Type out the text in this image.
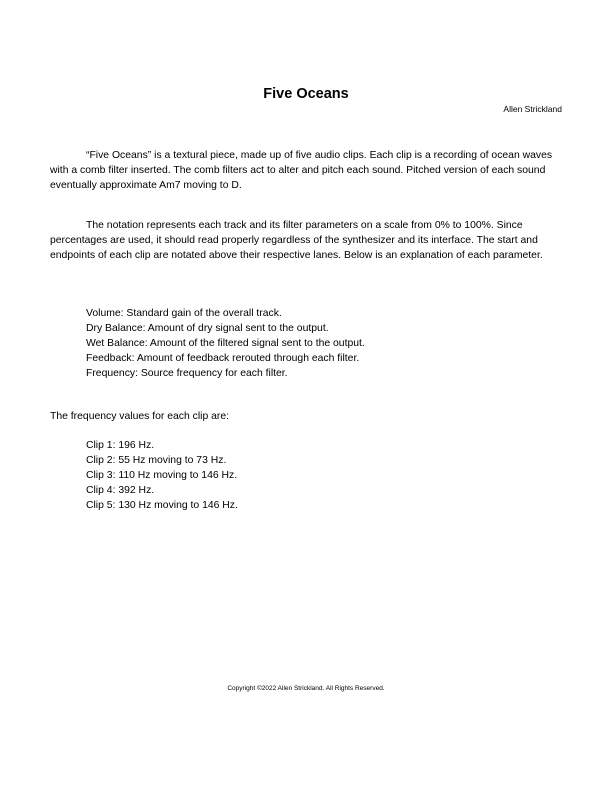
Five Oceans
Allen Strickland

“Five Oceans” is a textural piece, made up of five audio clips. Each clip is a recording of ocean waves with a comb filter inserted. The comb filters act to alter and pitch each sound. Pitched version of each sound eventually approximate Am7 moving to D.

The notation represents each track and its filter parameters on a scale from 0% to 100%. Since percentages are used, it should read properly regardless of the synthesizer and its interface. The start and endpoints of each clip are notated above their respective lanes. Below is an explanation of each parameter.

Volume: Standard gain of the overall track.
Dry Balance: Amount of dry signal sent to the output.
Wet Balance: Amount of the filtered signal sent to the output.
Feedback: Amount of feedback rerouted through each filter.
Frequency: Source frequency for each filter.
The frequency values for each clip are:
Clip 1: 196 Hz.
Clip 2: 55 Hz moving to 73 Hz.
Clip 3: 110 Hz moving to 146 Hz.
Clip 4: 392 Hz.
Clip 5: 130 Hz moving to 146 Hz.
Copyright ©2022 Allen Strickland. All Rights Reserved.
